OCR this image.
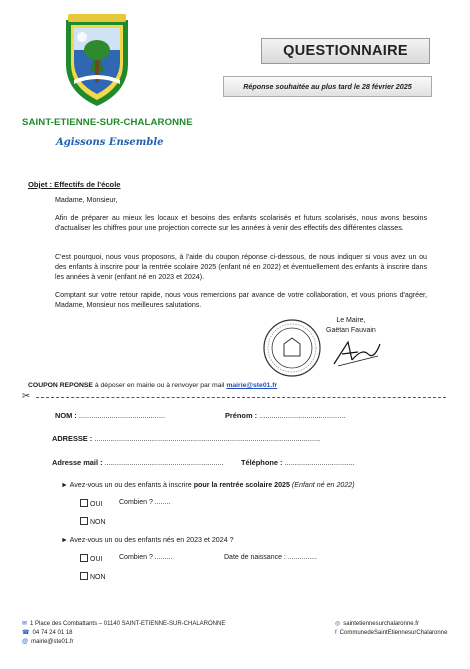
SAINT-ETIENNE-SUR-CHALARONNE
Agissons Ensemble
QUESTIONNAIRE
Réponse souhaitée au plus tard le 28 février 2025
Objet : Effectifs de l'école
Madame, Monsieur,
Afin de préparer au mieux les locaux et besoins des enfants scolarisés et futurs scolarisés, nous avons besoins d'actualiser les chiffres pour une projection correcte sur les années à venir des effectifs des différentes classes.
C'est pourquoi, nous vous proposons, à l'aide du coupon réponse ci-dessous, de nous indiquer si vous avez un ou des enfants à inscrire pour la rentrée scolaire 2025 (enfant né en 2022) et éventuellement des enfants à inscrire dans les années à venir (enfant né en 2023 et 2024).
Comptant sur votre retour rapide, nous vous remercions par avance de votre collaboration, et vous prions d'agréer, Madame, Monsieur nos meilleures salutations.
Le Maire,
Gaëtan Fauvain
COUPON REPONSE à déposer en mairie ou à renvoyer par mail mairie@ste01.fr
✂
NOM : ..........................................	Prénom : ..........................................
ADRESSE : ..............................................................................................................
Adresse mail : .......................................................... Téléphone : ..................................
► Avez-vous un ou des enfants à inscrire pour la rentrée scolaire 2025 (Enfant né en 2022)
OUI Combien ? ........
NON
► Avez-vous un ou des enfants nés en 2023 et 2024 ?
OUI Combien ? .........	Date de naissance : ...............
NON
✉ 1 Place des Combattants – 01140 SAINT-ETIENNE-SUR-CHALARONNE
☎ 04 74 24 01 18
@ mairie@ste01.fr
◎ saintetiennesurchalaronne.fr
f CommunedeSaintEtiennesurChalaronne
